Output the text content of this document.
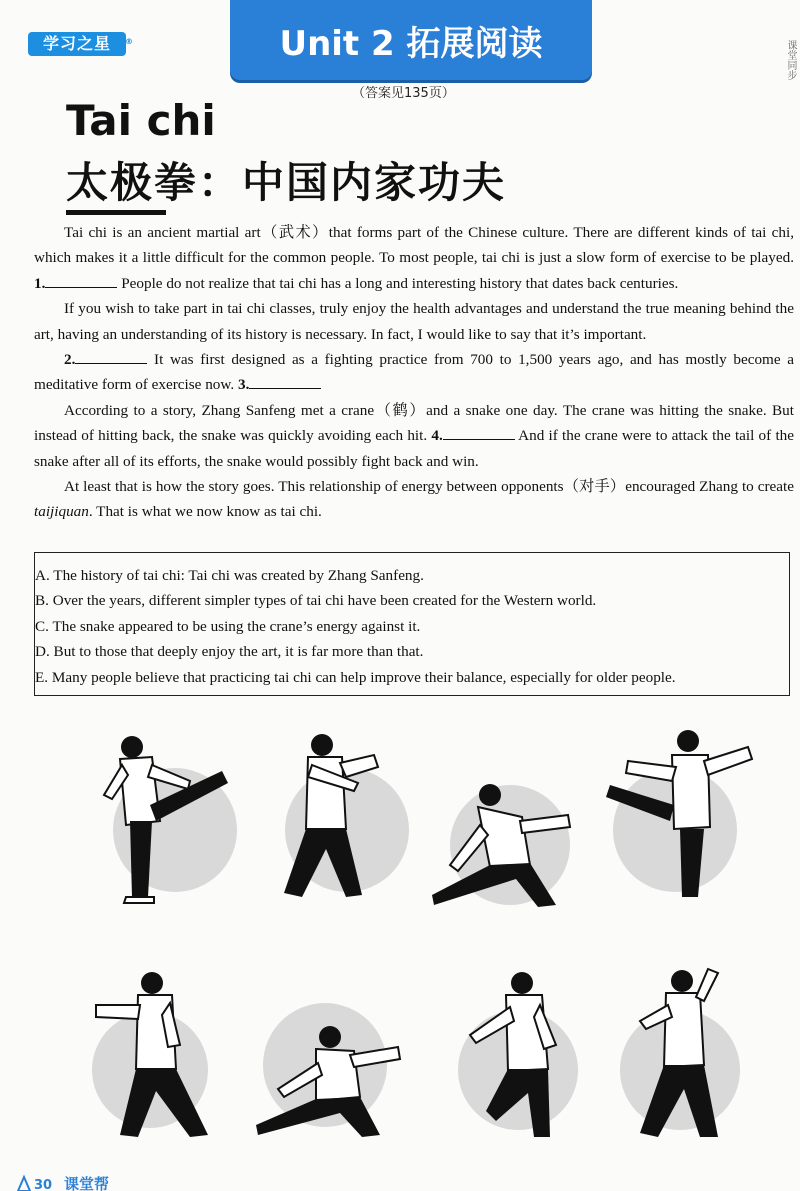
学习之星 ®	Unit 2 拓展阅读
（答案见135页）
课堂同步
Tai chi
太极拳：中国内家功夫

Tai chi is an ancient martial art（武术）that forms part of the Chinese culture. There are different kinds of tai chi, which makes it a little difficult for the common people. To most people, tai chi is just a slow form of exercise to be played. 1.	People do not realize that tai chi has a long and interesting history that dates back centuries.

If you wish to take part in tai chi classes, truly enjoy the health advantages and understand the true meaning behind the art, having an understanding of its history is necessary. In fact, I would like to say that it’s important.

2.	It was first designed as a fighting practice from 700 to 1,500 years ago, and has mostly become a meditative form of exercise now. 3.

According to a story, Zhang Sanfeng met a crane（鹤）and a snake one day. The crane was hitting the snake. But instead of hitting back, the snake was quickly avoiding each hit. 4.	And if the crane were to attack the tail of the snake after all of its efforts, the snake would possibly fight back and win.

At least that is how the story goes. This relationship of energy between opponents（对手）encouraged Zhang to create taijiquan. That is what we now know as tai chi.

A. The history of tai chi: Tai chi was created by Zhang Sanfeng.
B. Over the years, different simpler types of tai chi have been created for the Western world.
C. The snake appeared to be using the crane’s energy against it.
D. But to those that deeply enjoy the art, it is far more than that.
E. Many people believe that practicing tai chi can help improve their balance, especially for older people.
30 课堂帮
